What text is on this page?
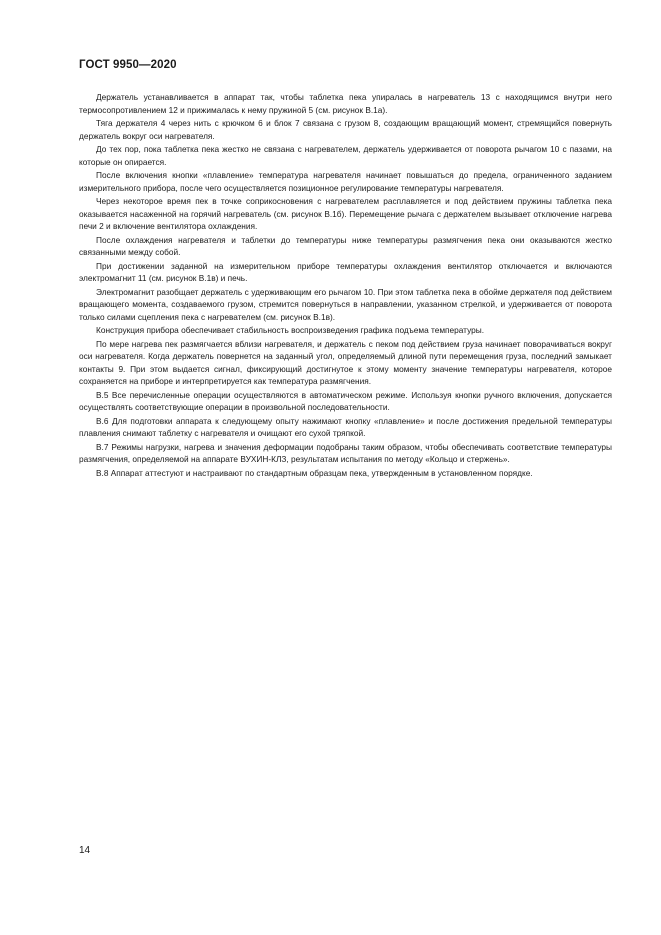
ГОСТ 9950—2020

Держатель устанавливается в аппарат так, чтобы таблетка пека упиралась в нагреватель 13 с находящимся внутри него термосопротивлением 12 и прижималась к нему пружиной 5 (см. рисунок В.1а).

Тяга держателя 4 через нить с крючком 6 и блок 7 связана с грузом 8, создающим вращающий момент, стремящийся повернуть держатель вокруг оси нагревателя.

До тех пор, пока таблетка пека жестко не связана с нагревателем, держатель удерживается от поворота рычагом 10 с пазами, на которые он опирается.

После включения кнопки «плавление» температура нагревателя начинает повышаться до предела, ограниченного заданием измерительного прибора, после чего осуществляется позиционное регулирование температуры нагревателя.

Через некоторое время пек в точке соприкосновения с нагревателем расплавляется и под действием пружины таблетка пека оказывается насаженной на горячий нагреватель (см. рисунок В.1б). Перемещение рычага с держателем вызывает отключение нагрева печи 2 и включение вентилятора охлаждения.

После охлаждения нагревателя и таблетки до температуры ниже температуры размягчения пека они оказываются жестко связанными между собой.

При достижении заданной на измерительном приборе температуры охлаждения вентилятор отключается и включаются электромагнит 11 (см. рисунок В.1в) и печь.

Электромагнит разобщает держатель с удерживающим его рычагом 10. При этом таблетка пека в обойме держателя под действием вращающего момента, создаваемого грузом, стремится повернуться в направлении, указанном стрелкой, и удерживается от поворота только силами сцепления пека с нагревателем (см. рисунок В.1в).

Конструкция прибора обеспечивает стабильность воспроизведения графика подъема температуры.

По мере нагрева пек размягчается вблизи нагревателя, и держатель с пеком под действием груза начинает поворачиваться вокруг оси нагревателя. Когда держатель повернется на заданный угол, определяемый длиной пути перемещения груза, последний замыкает контакты 9. При этом выдается сигнал, фиксирующий достигнутое к этому моменту значение температуры нагревателя, которое сохраняется на приборе и интерпретируется как температура размягчения.

В.5 Все перечисленные операции осуществляются в автоматическом режиме. Используя кнопки ручного включения, допускается осуществлять соответствующие операции в произвольной последовательности.

В.6 Для подготовки аппарата к следующему опыту нажимают кнопку «плавление» и после достижения предельной температуры плавления снимают таблетку с нагревателя и очищают его сухой тряпкой.

В.7 Режимы нагрузки, нагрева и значения деформации подобраны таким образом, чтобы обеспечивать соответствие температуры размягчения, определяемой на аппарате ВУХИН-КЛЗ, результатам испытания по методу «Кольцо и стержень».

В.8 Аппарат аттестуют и настраивают по стандартным образцам пека, утвержденным в установленном порядке.

14
